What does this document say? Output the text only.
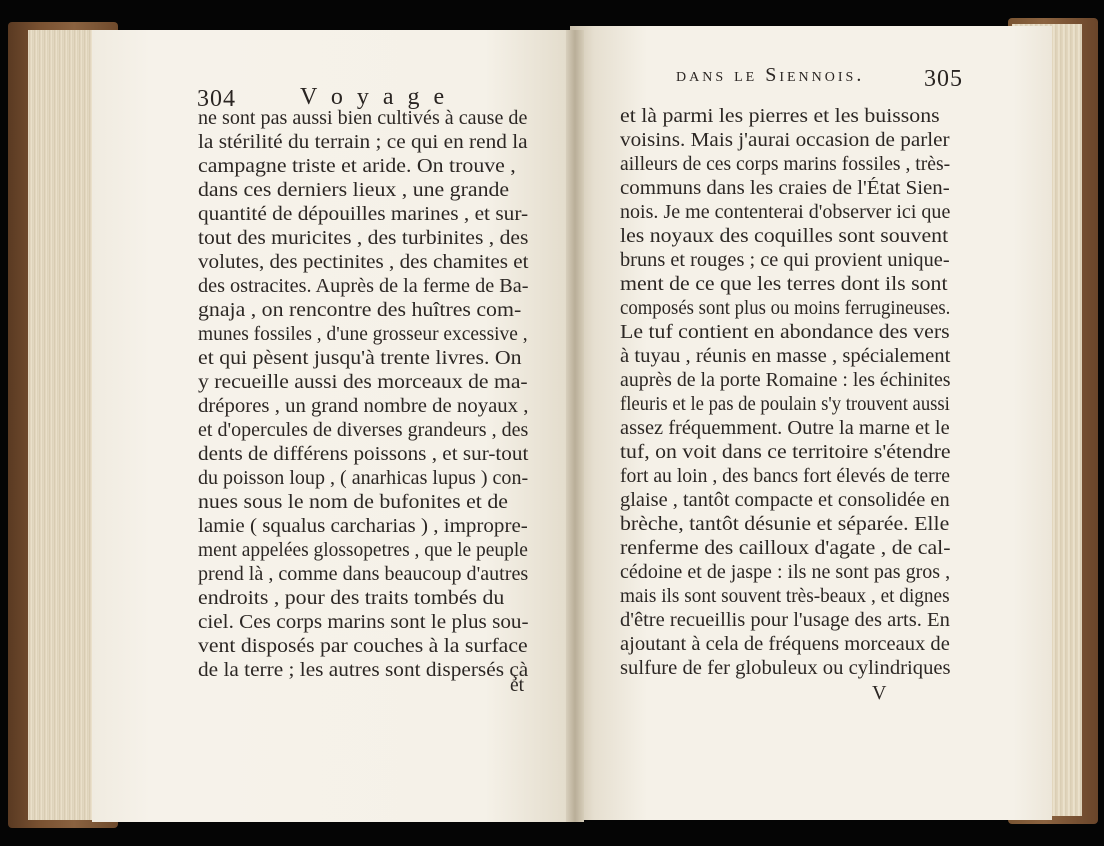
304	V o y a g e
dans le Siennois. 305
ne sont pas aussi bien cultivés à cause de
la stérilité du terrain ; ce qui en rend la
campagne triste et aride. On trouve ,
dans ces derniers lieux , une grande
quantité de dépouilles marines , et sur-
tout des muricites , des turbinites , des
volutes, des pectinites , des chamites et
des ostracites. Auprès de la ferme de Ba-
gnaja , on rencontre des huîtres com-
munes fossiles , d'une grosseur excessive ,
et qui pèsent jusqu'à trente livres. On
y recueille aussi des morceaux de ma-
drépores , un grand nombre de noyaux ,
et d'opercules de diverses grandeurs , des
dents de différens poissons , et sur-tout
du poisson loup , ( anarhicas lupus ) con-
nues sous le nom de bufonites et de
lamie ( squalus carcharias ) , impropre-
ment appelées glossopetres , que le peuple
prend là , comme dans beaucoup d'autres
endroits , pour des traits tombés du
ciel. Ces corps marins sont le plus sou-
vent disposés par couches à la surface
de la terre ; les autres sont dispersés çà
et
et là parmi les pierres et les buissons
voisins. Mais j'aurai occasion de parler
ailleurs de ces corps marins fossiles , très-
communs dans les craies de l'État Sien-
nois. Je me contenterai d'observer ici que
les noyaux des coquilles sont souvent
bruns et rouges ; ce qui provient unique-
ment de ce que les terres dont ils sont
composés sont plus ou moins ferrugineuses.
Le tuf contient en abondance des vers
à tuyau , réunis en masse , spécialement
auprès de la porte Romaine : les échinites
fleuris et le pas de poulain s'y trouvent aussi
assez fréquemment. Outre la marne et le
tuf, on voit dans ce territoire s'étendre
fort au loin , des bancs fort élevés de terre
glaise , tantôt compacte et consolidée en
brèche, tantôt désunie et séparée. Elle
renferme des cailloux d'agate , de cal-
cédoine et de jaspe : ils ne sont pas gros ,
mais ils sont souvent très-beaux , et dignes
d'être recueillis pour l'usage des arts. En
ajoutant à cela de fréquens morceaux de
sulfure de fer globuleux ou cylindriques
V
